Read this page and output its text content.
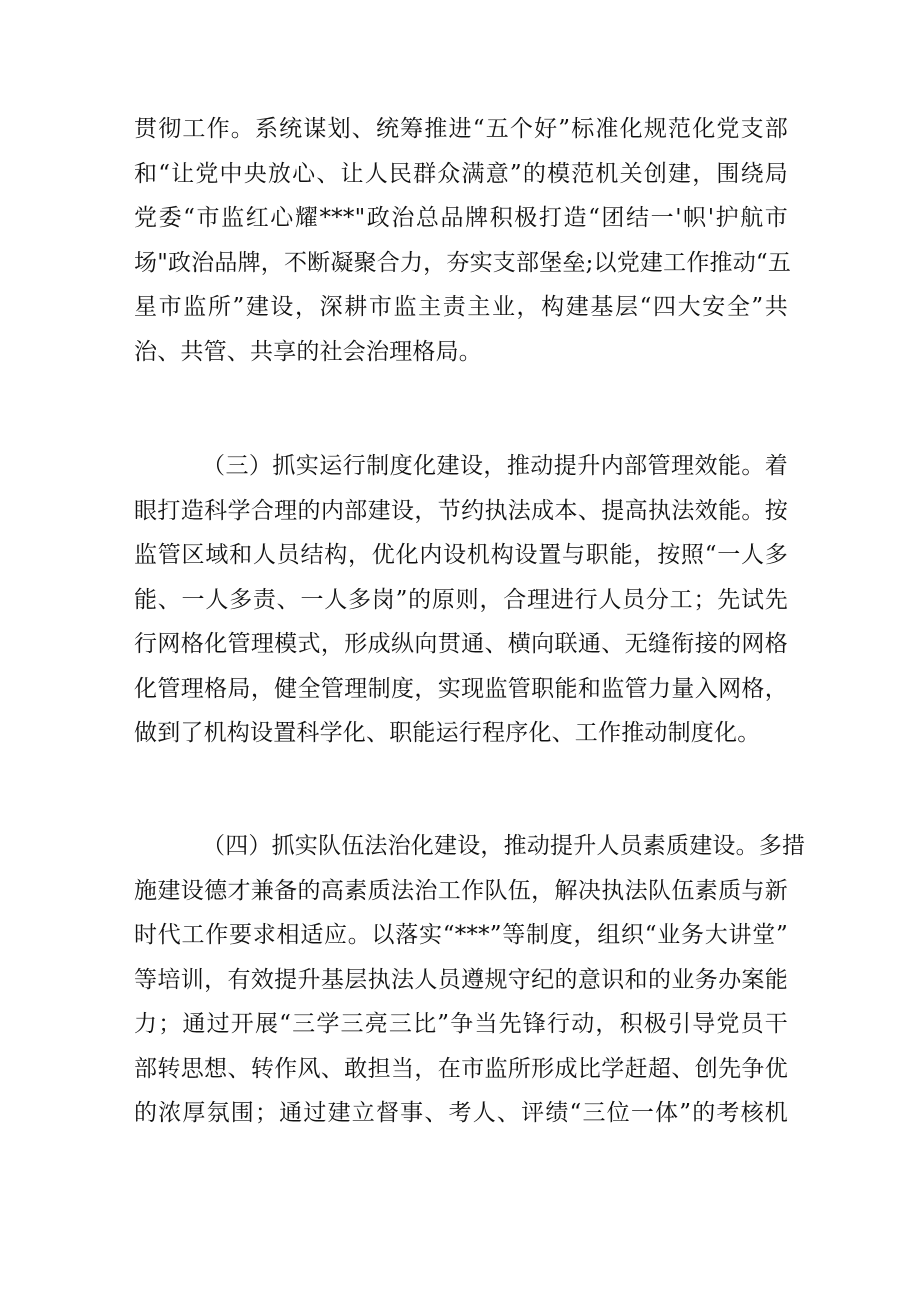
贯彻工作。系统谋划、统筹推进“五个好”标准化规范化党支部
和“让党中央放心、让人民群众满意”的模范机关创建，围绕局
党委“市监红心耀***"政治总品牌积极打造“团结一'帜'护航市
场"政治品牌，不断凝聚合力，夯实支部堡垒;以党建工作推动“五
星市监所”建设，深耕市监主责主业，构建基层“四大安全”共
治、共管、共享的社会治理格局。
（三）抓实运行制度化建设，推动提升内部管理效能。着
眼打造科学合理的内部建设，节约执法成本、提高执法效能。按
监管区域和人员结构，优化内设机构设置与职能，按照“一人多
能、一人多责、一人多岗”的原则，合理进行人员分工；先试先
行网格化管理模式，形成纵向贯通、横向联通、无缝衔接的网格
化管理格局，健全管理制度，实现监管职能和监管力量入网格，
做到了机构设置科学化、职能运行程序化、工作推动制度化。
（四）抓实队伍法治化建设，推动提升人员素质建设。多措
施建设德才兼备的高素质法治工作队伍，解决执法队伍素质与新
时代工作要求相适应。以落实“***”等制度，组织“业务大讲堂”
等培训，有效提升基层执法人员遵规守纪的意识和的业务办案能
力；通过开展“三学三亮三比”争当先锋行动，积极引导党员干
部转思想、转作风、敢担当，在市监所形成比学赶超、创先争优
的浓厚氛围；通过建立督事、考人、评绩“三位一体”的考核机
